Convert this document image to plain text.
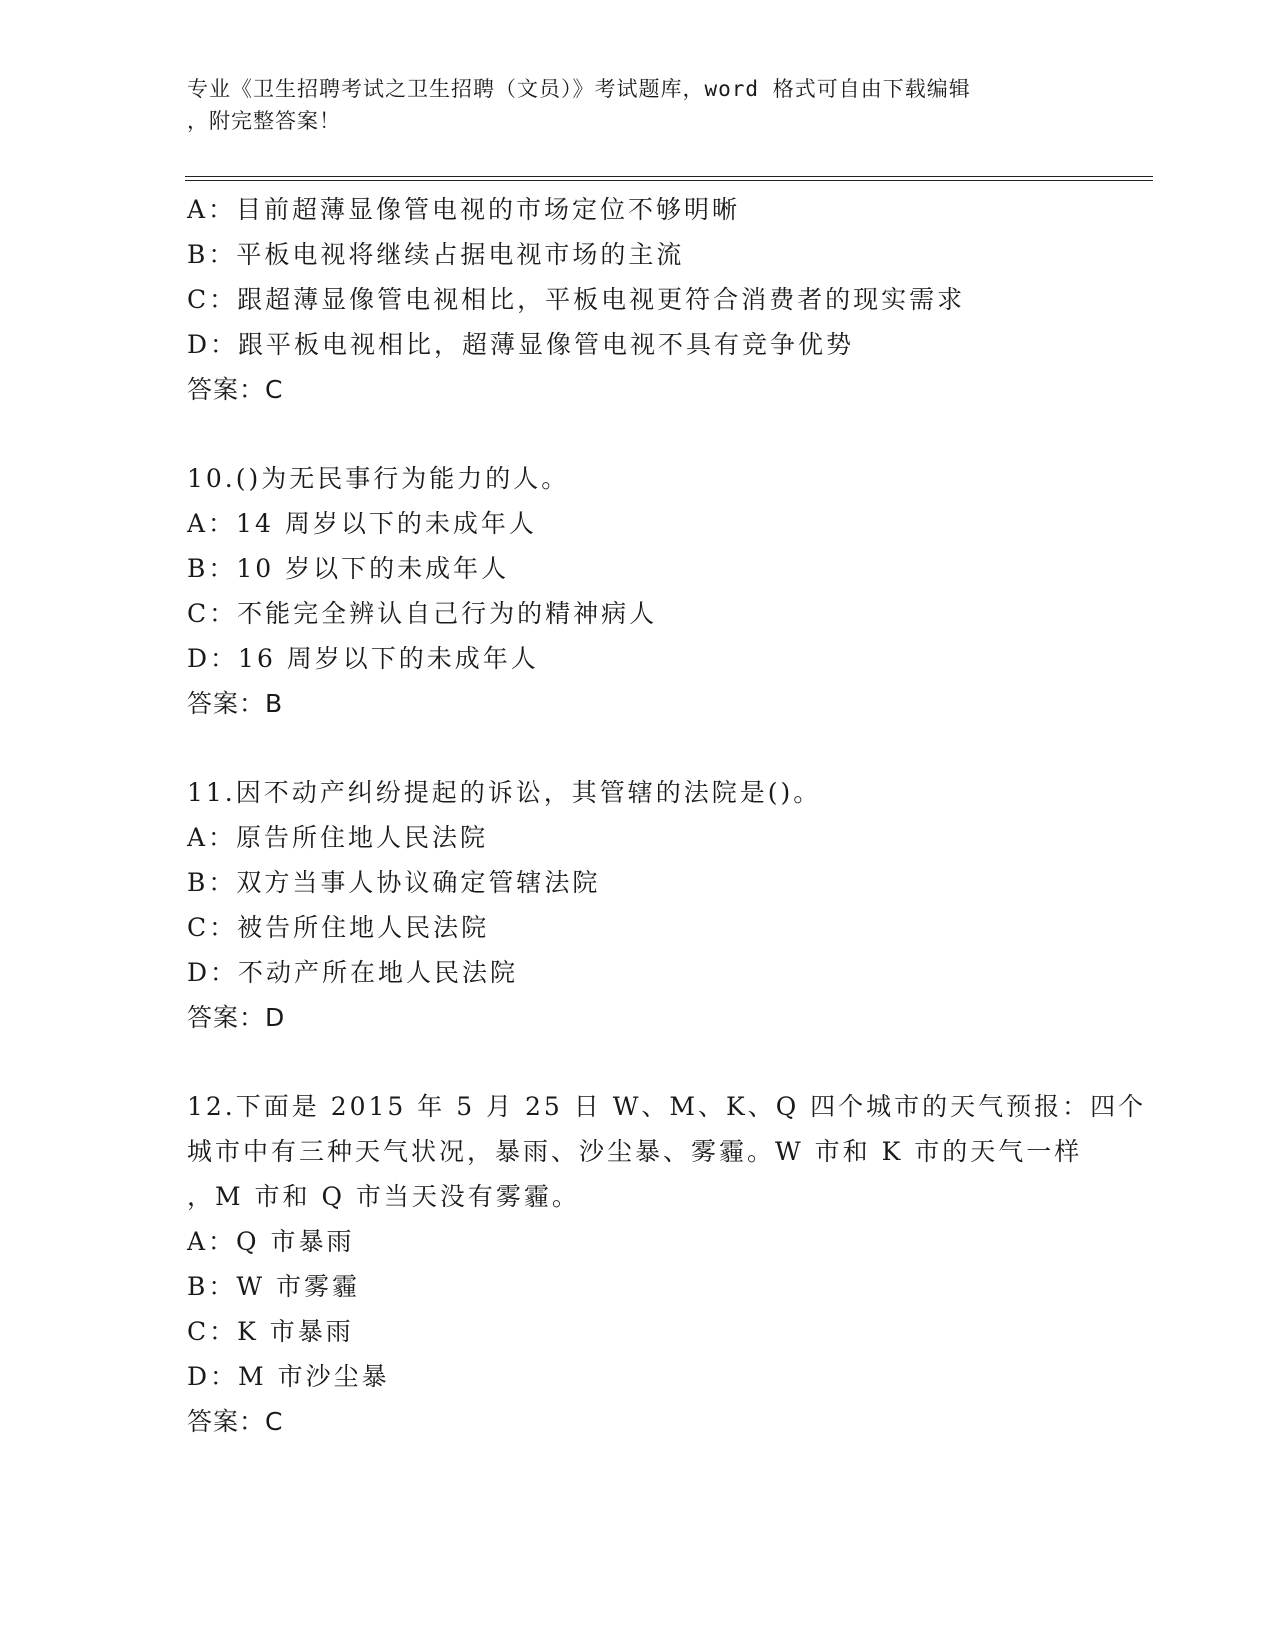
专业《卫生招聘考试之卫生招聘（文员）》考试题库，word 格式可自由下载编辑
，附完整答案！
A：目前超薄显像管电视的市场定位不够明晰
B：平板电视将继续占据电视市场的主流
C：跟超薄显像管电视相比，平板电视更符合消费者的现实需求
D：跟平板电视相比，超薄显像管电视不具有竞争优势
答案：C
10.()为无民事行为能力的人。
A：14 周岁以下的未成年人
B：10 岁以下的未成年人
C：不能完全辨认自己行为的精神病人
D：16 周岁以下的未成年人
答案：B
11.因不动产纠纷提起的诉讼，其管辖的法院是()。
A：原告所住地人民法院
B：双方当事人协议确定管辖法院
C：被告所住地人民法院
D：不动产所在地人民法院
答案：D
12.下面是 2015 年 5 月 25 日 W、M、K、Q 四个城市的天气预报：四个
城市中有三种天气状况，暴雨、沙尘暴、雾霾。W 市和 K 市的天气一样
，M 市和 Q 市当天没有雾霾。
A：Q 市暴雨
B：W 市雾霾
C：K 市暴雨
D：M 市沙尘暴
答案：C
